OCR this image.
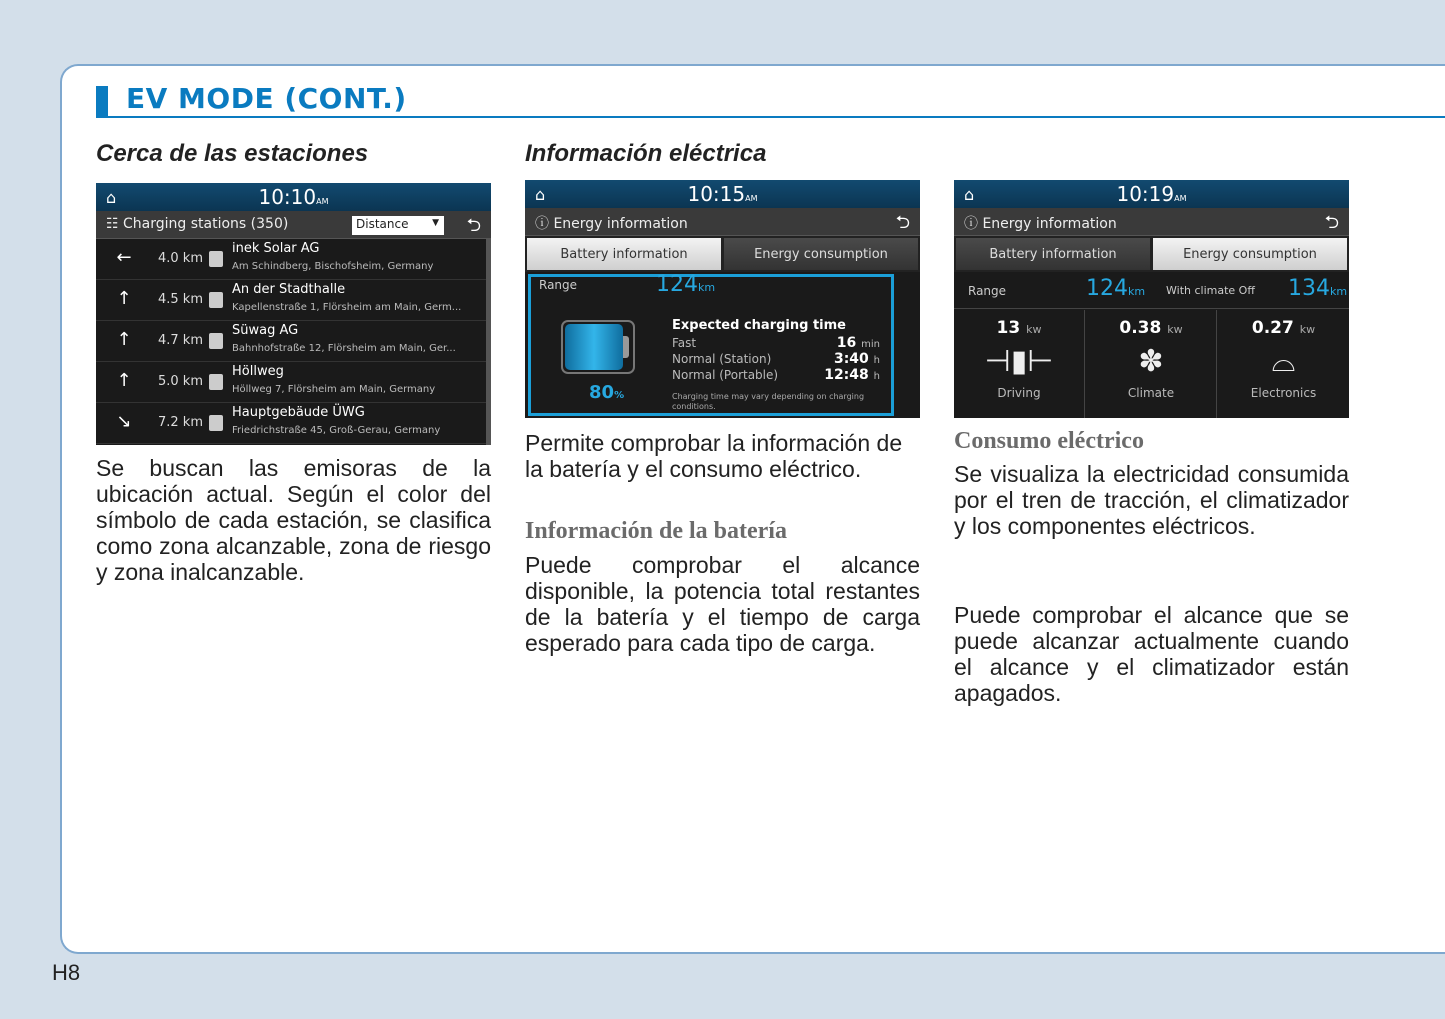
EV MODE (CONT.)
Cerca de las estaciones
⌂	10:10AM
☷ Charging stations (350)	Distance	▼ ⮌
← 4.0 km
inek Solar AG
Am Schindberg, Bischofsheim, Germany
↑ 4.5 km
An der Stadthalle
Kapellenstraße 1, Flörsheim am Main, Germ...
↑ 4.7 km
Süwag AG
Bahnhofstraße 12, Flörsheim am Main, Ger...
↑ 5.0 km
Höllweg
Höllweg 7, Flörsheim am Main, Germany
↘ 7.2 km
Hauptgebäude ÜWG
Friedrichstraße 45, Groß-Gerau, Germany
Se buscan las emisoras de la ubicación actual. Según el color del símbolo de cada estación, se clasifica como zona alcanzable, zona de riesgo y zona inalcanzable.
Información eléctrica
⌂	10:15AM
ⓘ Energy information	⮌
Battery information	Energy consumption
Range	124km
80%
Expected charging time
Fast	16 min
Normal (Station)	3:40 h
Normal (Portable)	12:48 h
Charging time may vary depending on charging conditions.
Permite comprobar la información de la batería y el consumo eléctrico.
Información de la batería
Puede comprobar el alcance disponible, la potencia total restantes de la batería y el tiempo de carga esperado para cada tipo de carga.
⌂	10:19AM
ⓘ Energy information	⮌
Battery information	Energy consumption
Range	124km With climate Off 134km
13 kw
⊣▮⊢
Driving
0.38 kw
✽
Climate
0.27 kw
⌓
Electronics
Consumo eléctrico
Se visualiza la electricidad consumida por el tren de tracción, el climatizador y los componentes eléctricos.
Puede comprobar el alcance que se puede alcanzar actualmente cuando el alcance y el climatizador están apagados.
H8
